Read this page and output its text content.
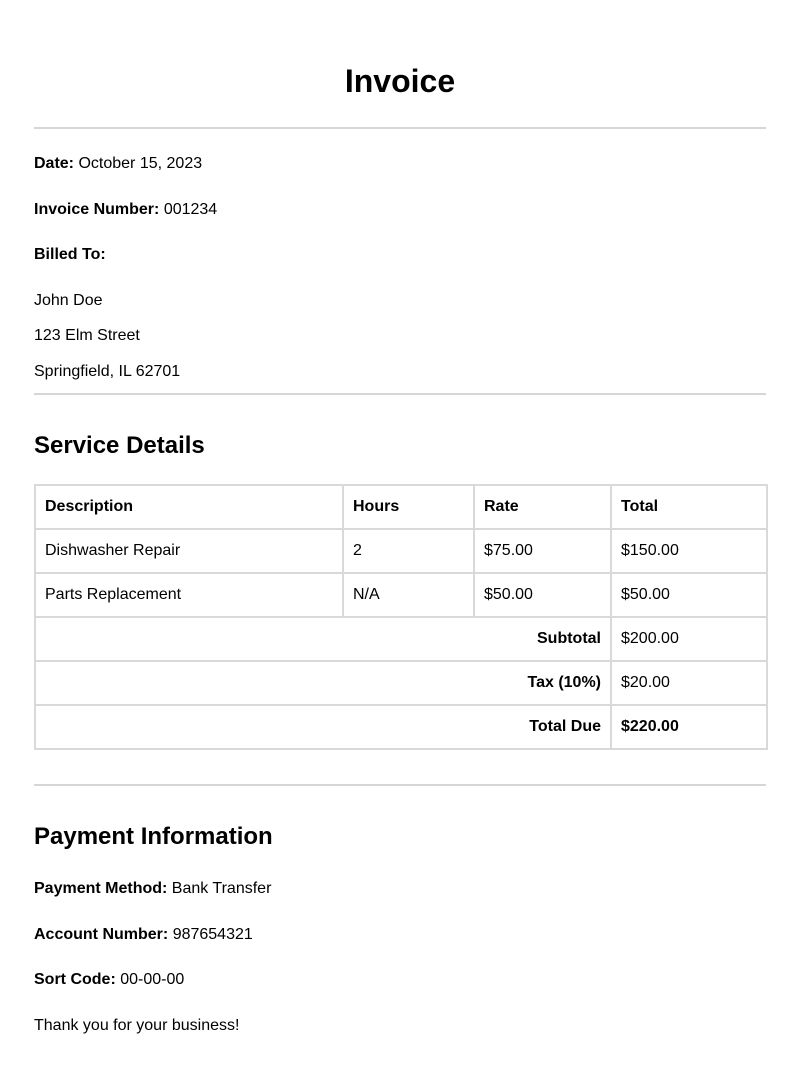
Invoice

Date: October 15, 2023

Invoice Number: 001234

Billed To:

John Doe

123 Elm Street

Springfield, IL 62701

Service Details
Description	Hours	Rate	Total
Dishwasher Repair	2	$75.00	$150.00
Parts Replacement	N/A	$50.00	$50.00
Subtotal			$200.00
Tax (10%)			$20.00
Total Due			$220.00
Payment Information

Payment Method: Bank Transfer

Account Number: 987654321

Sort Code: 00-00-00

Thank you for your business!
